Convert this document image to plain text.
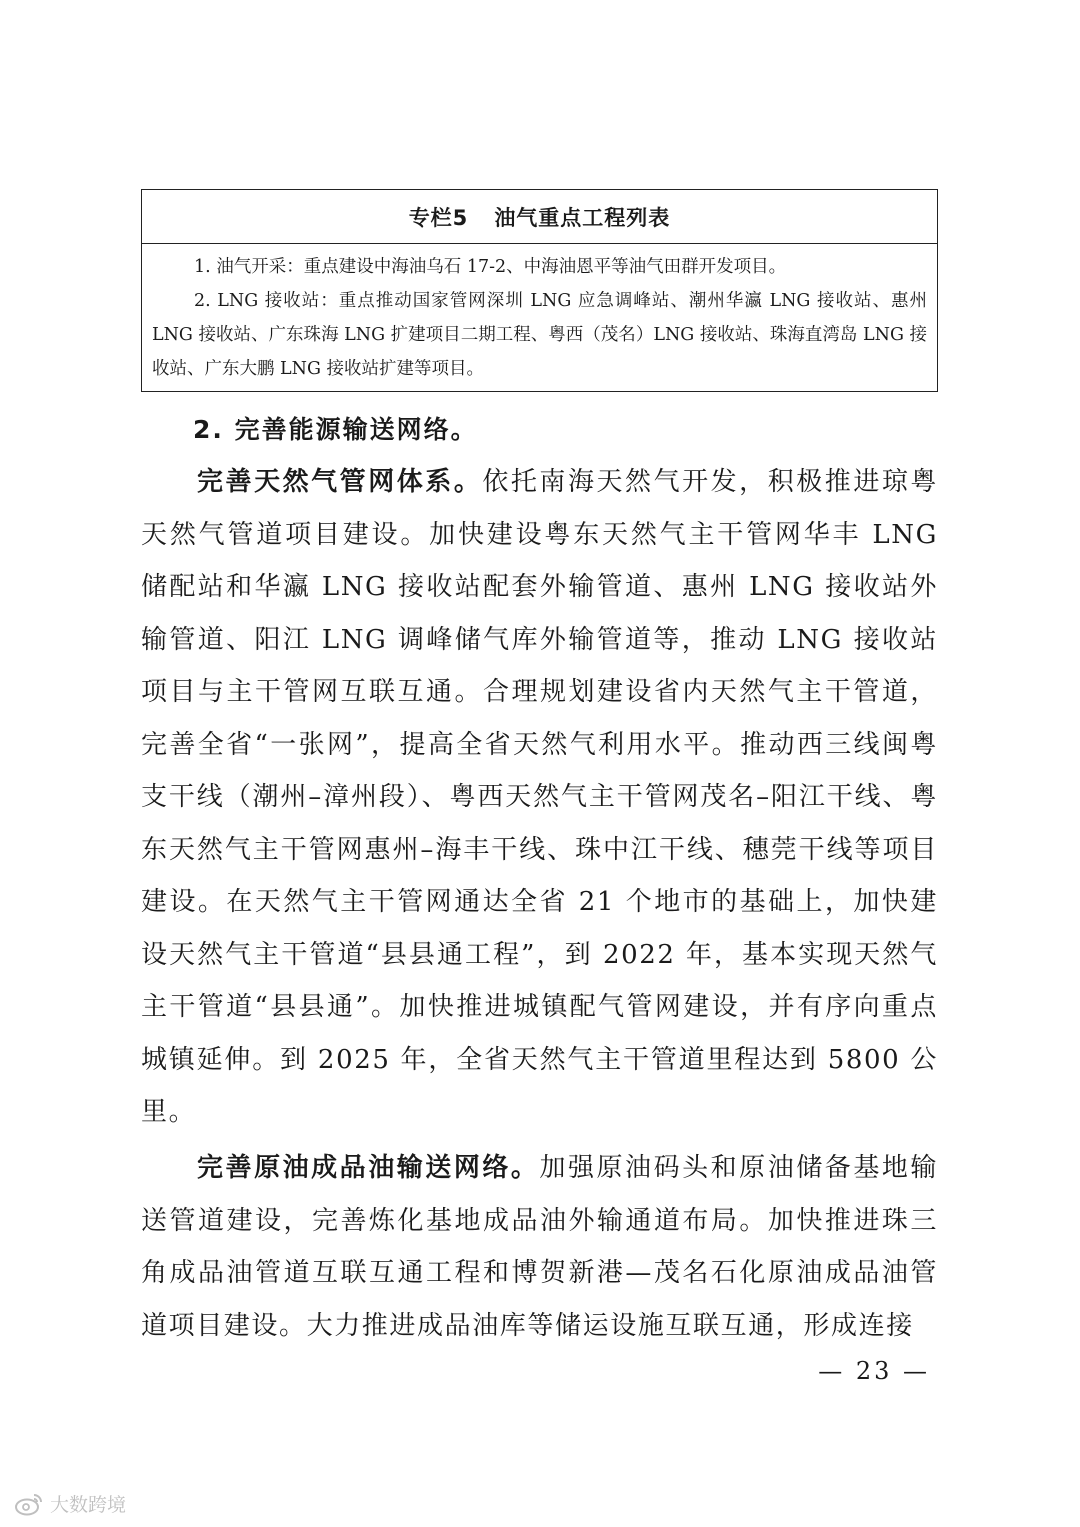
专栏5 油气重点工程列表
1. 油气开采：重点建设中海油乌石 17-2、中海油恩平等油气田群开发项目。
2. LNG 接收站：重点推动国家管网深圳 LNG 应急调峰站、潮州华瀛 LNG 接收站、惠州 LNG 接收站、广东珠海 LNG 扩建项目二期工程、粤西（茂名）LNG 接收站、珠海直湾岛 LNG 接收站、广东大鹏 LNG 接收站扩建等项目。
2. 完善能源输送网络。
完善天然气管网体系。依托南海天然气开发，积极推进琼粤天然气管道项目建设。加快建设粤东天然气主干管网华丰 LNG 储配站和华瀛 LNG 接收站配套外输管道、惠州 LNG 接收站外输管道、阳江 LNG 调峰储气库外输管道等，推动 LNG 接收站项目与主干管网互联互通。合理规划建设省内天然气主干管道，完善全省“一张网”，提高全省天然气利用水平。推动西三线闽粤支干线（潮州–漳州段）、粤西天然气主干管网茂名–阳江干线、粤东天然气主干管网惠州–海丰干线、珠中江干线、穗莞干线等项目建设。在天然气主干管网通达全省 21 个地市的基础上，加快建设天然气主干管道“县县通工程”，到 2022 年，基本实现天然气主干管道“县县通”。加快推进城镇配气管网建设，并有序向重点城镇延伸。到 2025 年，全省天然气主干管道里程达到 5800 公里。
完善原油成品油输送网络。加强原油码头和原油储备基地输送管道建设，完善炼化基地成品油外输通道布局。加快推进珠三角成品油管道互联互通工程和博贺新港—茂名石化原油成品油管道项目建设。大力推进成品油库等储运设施互联互通，形成连接
— 23 —
大数跨境
